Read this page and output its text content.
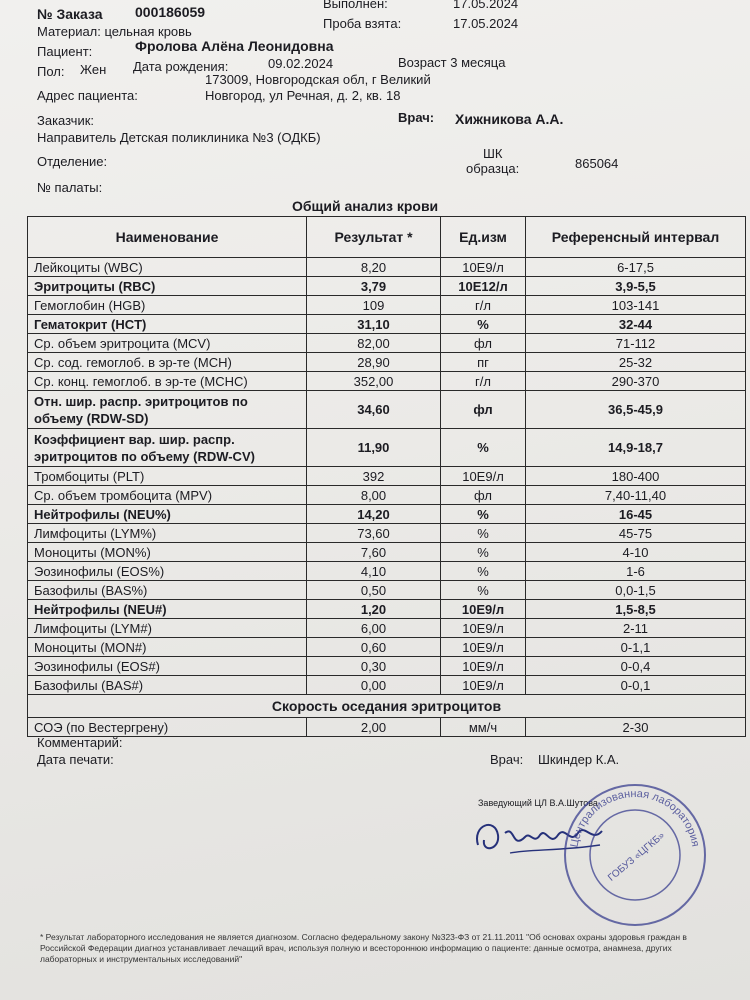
№ Заказа 000186059
Выполнен:	17.05.2024
Материал: цельная кровь
Проба взята:	17.05.2024
Пациент:	Фролова Алёна Леонидовна
Пол: Жен Дата рождения:	09.02.2024	Возраст 3 месяца
173009, Новгородская обл, г Великий
Адрес пациента:	Новгород, ул Речная, д. 2, кв. 18
Заказчик:	Врач: Хижникова А.А.
Направитель Детская поликлиника №3 (ОДКБ)
Отделение:
ШК
образца:	865064
№ палаты:
Общий анализ крови
Наименование	Результат *	Ед.изм	Референсный интервал
Лейкоциты (WBC)	8,20	10E9/л	6-17,5
Эритроциты (RBC)	3,79	10E12/л	3,9-5,5
Гемоглобин (HGB)	109	г/л	103-141
Гематокрит (HCT)	31,10	%	32-44
Ср. объем эритроцита (MCV)	82,00	фл	71-112
Ср. сод. гемоглоб. в эр-те (MCH)	28,90	пг	25-32
Ср. конц. гемоглоб. в эр-те (MCHC)	352,00	г/л	290-370
Отн. шир. распр. эритроцитов по объему (RDW-SD)	34,60	фл	36,5-45,9
Коэффициент вар. шир. распр. эритроцитов по объему (RDW-CV)	11,90	%	14,9-18,7
Тромбоциты (PLT)	392	10E9/л	180-400
Ср. объем тромбоцита (MPV)	8,00	фл	7,40-11,40
Нейтрофилы (NEU%)	14,20	%	16-45
Лимфоциты (LYM%)	73,60	%	45-75
Моноциты (MON%)	7,60	%	4-10
Эозинофилы (EOS%)	4,10	%	1-6
Базофилы (BAS%)	0,50	%	0,0-1,5
Нейтрофилы (NEU#)	1,20	10E9/л	1,5-8,5
Лимфоциты (LYM#)	6,00	10E9/л	2-11
Моноциты (MON#)	0,60	10E9/л	0-1,1
Эозинофилы (EOS#)	0,30	10E9/л	0-0,4
Базофилы (BAS#)	0,00	10E9/л	0-0,1
Скорость оседания эритроцитов			
СОЭ (по Вестергрену)	2,00	мм/ч	2-30
Комментарий:
Дата печати:	Врач: Шкиндер К.А.
Заведующий ЦЛ В.А.Шутова
Централизованная лаборатория
ГОБУЗ «ЦГКБ»
* Результат лабораторного исследования не является диагнозом. Согласно федеральному закону №323-ФЗ от 21.11.2011 "Об основах охраны здоровья граждан в Российской Федерации диагноз устанавливает лечащий врач, используя полную и всестороннюю информацию о пациенте: данные осмотра, анамнеза, других лабораторных и инструментальных исследований"
